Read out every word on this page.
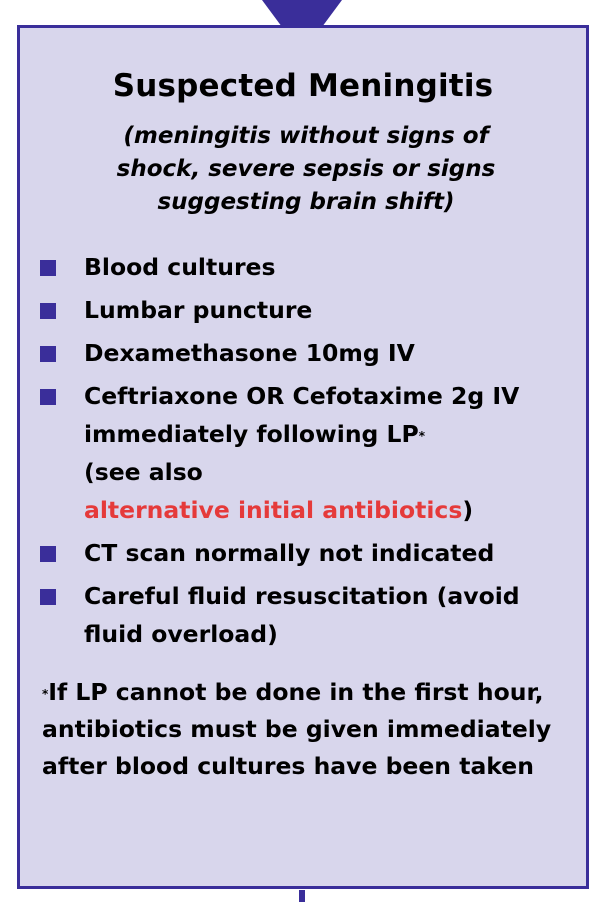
Suspected Meningitis
(meningitis without signs of shock, severe sepsis or signs suggesting brain shift)
Blood cultures
Lumbar puncture
Dexamethasone 10mg IV
Ceftriaxone OR Cefotaxime 2g IV immediately following LP*
(see also
alternative initial antibiotics)
CT scan normally not indicated
Careful fluid resuscitation (avoid fluid overload)
*If LP cannot be done in the first hour, antibiotics must be given immediately after blood cultures have been taken
